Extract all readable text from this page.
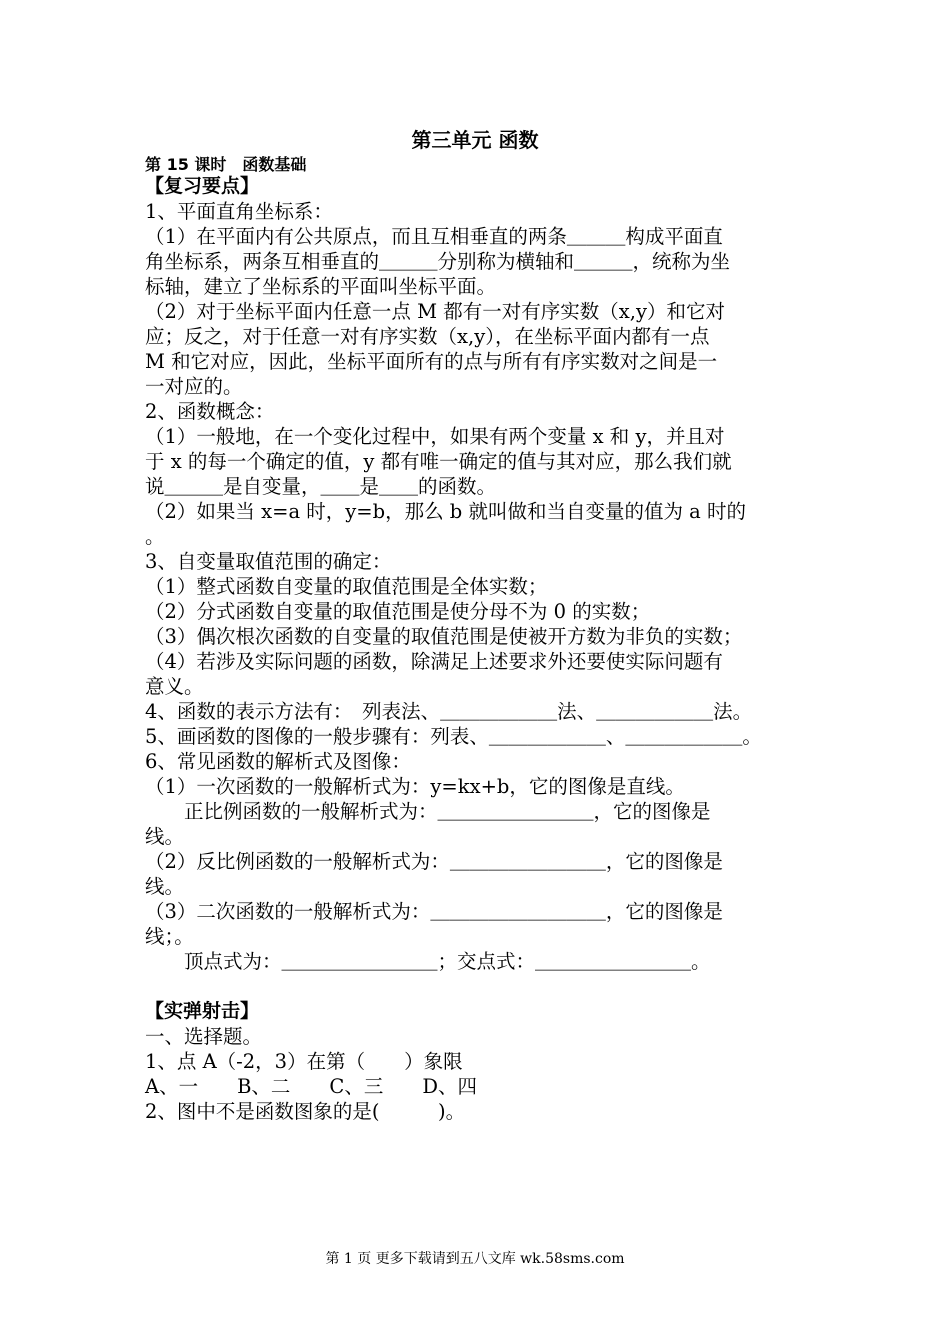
第三单元 函数
第 15 课时　函数基础
【复习要点】
1、平面直角坐标系：
（1）在平面内有公共原点，而且互相垂直的两条＿＿＿构成平面直
角坐标系，两条互相垂直的＿＿＿分别称为横轴和＿＿＿，统称为坐
标轴，建立了坐标系的平面叫坐标平面。
（2）对于坐标平面内任意一点 M 都有一对有序实数（x,y）和它对
应；反之，对于任意一对有序实数（x,y），在坐标平面内都有一点
M 和它对应，因此，坐标平面所有的点与所有有序实数对之间是一
一对应的。
2、函数概念：
（1）一般地，在一个变化过程中，如果有两个变量 x 和 y，并且对
于 x 的每一个确定的值，y 都有唯一确定的值与其对应，那么我们就
说＿＿＿是自变量，＿＿是＿＿的函数。
（2）如果当 x=a 时，y=b，那么 b 就叫做和当自变量的值为 a 时的
。
3、自变量取值范围的确定：
（1）整式函数自变量的取值范围是全体实数；
（2）分式函数自变量的取值范围是使分母不为 0 的实数；
（3）偶次根次函数的自变量的取值范围是使被开方数为非负的实数；
（4）若涉及实际问题的函数，除满足上述要求外还要使实际问题有
意义。
4、函数的表示方法有：　列表法、＿＿＿＿＿＿法、＿＿＿＿＿＿法。
5、画函数的图像的一般步骤有：列表、＿＿＿＿＿＿、＿＿＿＿＿＿。
6、常见函数的解析式及图像：
（1）一次函数的一般解析式为：y=kx+b，它的图像是直线。
　　正比例函数的一般解析式为：＿＿＿＿＿＿＿＿，它的图像是
线。
（2）反比例函数的一般解析式为：＿＿＿＿＿＿＿＿，它的图像是
线。
（3）二次函数的一般解析式为：＿＿＿＿＿＿＿＿＿，它的图像是
线；。
　　顶点式为：＿＿＿＿＿＿＿＿；交点式：＿＿＿＿＿＿＿＿。
【实弹射击】
一、选择题。
1、点 A（-2，3）在第（　　）象限
A、一　　B、二　　C、三　　D、四
2、图中不是函数图象的是(　　　)。
第 1 页 更多下载请到五八文库 wk.58sms.com
